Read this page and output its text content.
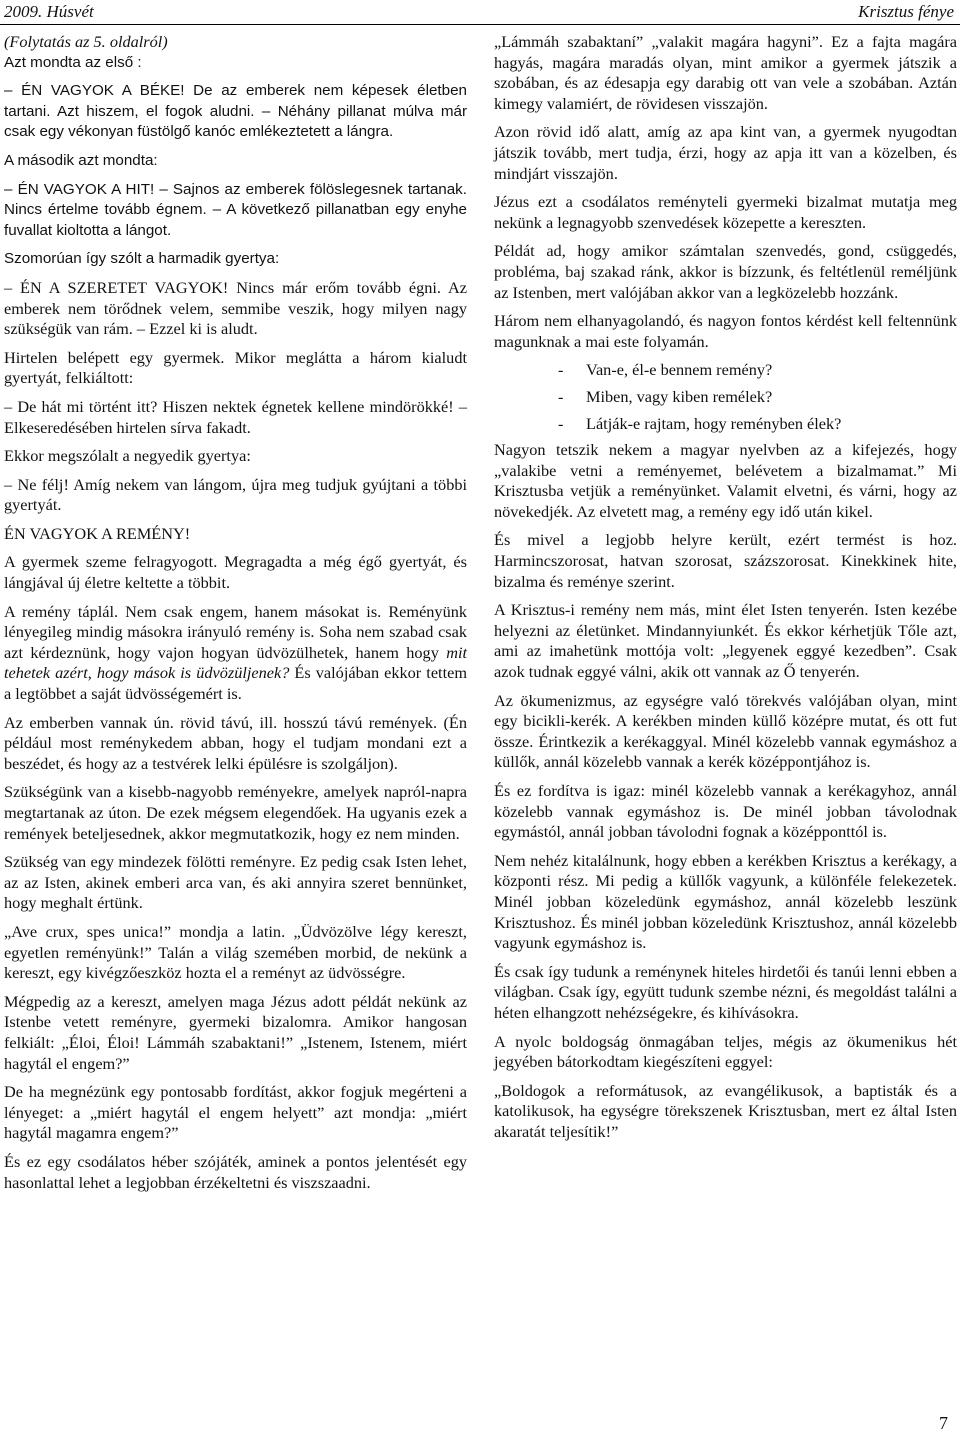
2009. Húsvét	Krisztus fénye

(Folytatás az 5. oldalról)

Azt mondta az első :

– ÉN VAGYOK A BÉKE! De az emberek nem képesek életben tartani. Azt hiszem, el fogok aludni. – Néhány pillanat múlva már csak egy vékonyan füstölgő kanóc emlékeztetett a lángra.

A második azt mondta:

– ÉN VAGYOK A HIT! – Sajnos az emberek fölöslegesnek tartanak. Nincs értelme tovább égnem. – A következő pillanatban egy enyhe fuvallat kioltotta a lángot.

Szomorúan így szólt a harmadik gyertya:

– ÉN A SZERETET VAGYOK! Nincs már erőm tovább égni. Az emberek nem törődnek velem, semmibe veszik, hogy milyen nagy szükségük van rám. – Ezzel ki is aludt.

Hirtelen belépett egy gyermek. Mikor meglátta a három kialudt gyertyát, felkiáltott:

– De hát mi történt itt? Hiszen nektek égnetek kellene mindörökké! – Elkeseredésében hirtelen sírva fakadt.

Ekkor megszólalt a negyedik gyertya:

– Ne félj! Amíg nekem van lángom, újra meg tudjuk gyújtani a többi gyertyát.

ÉN VAGYOK A REMÉNY!

A gyermek szeme felragyogott. Megragadta a még égő gyertyát, és lángjával új életre keltette a többit.

A remény táplál. Nem csak engem, hanem másokat is. Reményünk lényegileg mindig másokra irányuló remény is. Soha nem szabad csak azt kérdeznünk, hogy vajon hogyan üdvözülhetek, hanem hogy mit tehetek azért, hogy mások is üdvözüljenek? És valójában ekkor tettem a legtöbbet a saját üdvösségemért is.

Az emberben vannak ún. rövid távú, ill. hosszú távú remények. (Én például most reménykedem abban, hogy el tudjam mondani ezt a beszédet, és hogy az a testvérek lelki épülésre is szolgáljon).

Szükségünk van a kisebb-nagyobb reményekre, amelyek napról-napra megtartanak az úton. De ezek mégsem elegendőek. Ha ugyanis ezek a remények beteljesednek, akkor megmutatkozik, hogy ez nem minden.

Szükség van egy mindezek fölötti reményre. Ez pedig csak Isten lehet, az az Isten, akinek emberi arca van, és aki annyira szeret bennünket, hogy meghalt értünk.

„Ave crux, spes unica!” mondja a latin. „Üdvözölve légy kereszt, egyetlen reményünk!” Talán a világ szemében morbid, de nekünk a kereszt, egy kivégzőeszköz hozta el a reményt az üdvösségre.

Mégpedig az a kereszt, amelyen maga Jézus adott példát nekünk az Istenbe vetett reményre, gyermeki bizalomra. Amikor hangosan felkiált: „Éloi, Éloi! Lámmáh szabaktani!” „Istenem, Istenem, miért hagytál el engem?”

De ha megnézünk egy pontosabb fordítást, akkor fogjuk megérteni a lényeget: a „miért hagytál el engem helyett” azt mondja: „miért hagytál magamra engem?”

És ez egy csodálatos héber szójáték, aminek a pontos jelentését egy hasonlattal lehet a legjobban érzékeltetni és viszszaadni.

„Lámmáh szabaktaní” „valakit magára hagyni”. Ez a fajta magára hagyás, magára maradás olyan, mint amikor a gyermek játszik a szobában, és az édesapja egy darabig ott van vele a szobában. Aztán kimegy valamiért, de rövidesen visszajön.

Azon rövid idő alatt, amíg az apa kint van, a gyermek nyugodtan játszik tovább, mert tudja, érzi, hogy az apja itt van a közelben, és mindjárt visszajön.

Jézus ezt a csodálatos reményteli gyermeki bizalmat mutatja meg nekünk a legnagyobb szenvedések közepette a kereszten.

Példát ad, hogy amikor számtalan szenvedés, gond, csüggedés, probléma, baj szakad ránk, akkor is bízzunk, és feltétlenül reméljünk az Istenben, mert valójában akkor van a legközelebb hozzánk.

Három nem elhanyagolandó, és nagyon fontos kérdést kell feltennünk magunknak a mai este folyamán.

- Van-e, él-e bennem remény?

- Miben, vagy kiben remélek?

- Látják-e rajtam, hogy reményben élek?

Nagyon tetszik nekem a magyar nyelvben az a kifejezés, hogy „valakibe vetni a reményemet, belévetem a bizalmamat.” Mi Krisztusba vetjük a reményünket. Valamit elvetni, és várni, hogy az növekedjék. Az elvetett mag, a remény egy idő után kikel.

És mivel a legjobb helyre került, ezért termést is hoz. Harmincszorosat, hatvan szorosat, százszorosat. Kinekkinek hite, bizalma és reménye szerint.

A Krisztus-i remény nem más, mint élet Isten tenyerén. Isten kezébe helyezni az életünket. Mindannyiunkét. És ekkor kérhetjük Tőle azt, ami az imahetünk mottója volt: „legyenek eggyé kezedben”. Csak azok tudnak eggyé válni, akik ott vannak az Ő tenyerén.

Az ökumenizmus, az egységre való törekvés valójában olyan, mint egy bicikli-kerék. A kerékben minden küllő középre mutat, és ott fut össze. Érintkezik a kerékaggyal. Minél közelebb vannak egymáshoz a küllők, annál közelebb vannak a kerék középpontjához is.

És ez fordítva is igaz: minél közelebb vannak a kerékagyhoz, annál közelebb vannak egymáshoz is. De minél jobban távolodnak egymástól, annál jobban távolodni fognak a középponttól is.

Nem nehéz kitalálnunk, hogy ebben a kerékben Krisztus a kerékagy, a központi rész. Mi pedig a küllők vagyunk, a különféle felekezetek. Minél jobban közeledünk egymáshoz, annál közelebb leszünk Krisztushoz. És minél jobban közeledünk Krisztushoz, annál közelebb vagyunk egymáshoz is.

És csak így tudunk a reménynek hiteles hirdetői és tanúi lenni ebben a világban. Csak így, együtt tudunk szembe nézni, és megoldást találni a héten elhangzott nehézségekre, és kihívásokra.

A nyolc boldogság önmagában teljes, mégis az ökumenikus hét jegyében bátorkodtam kiegészíteni eggyel:

„Boldogok a reformátusok, az evangélikusok, a baptisták és a katolikusok, ha egységre törekszenek Krisztusban, mert ez által Isten akaratát teljesítik!”

7
